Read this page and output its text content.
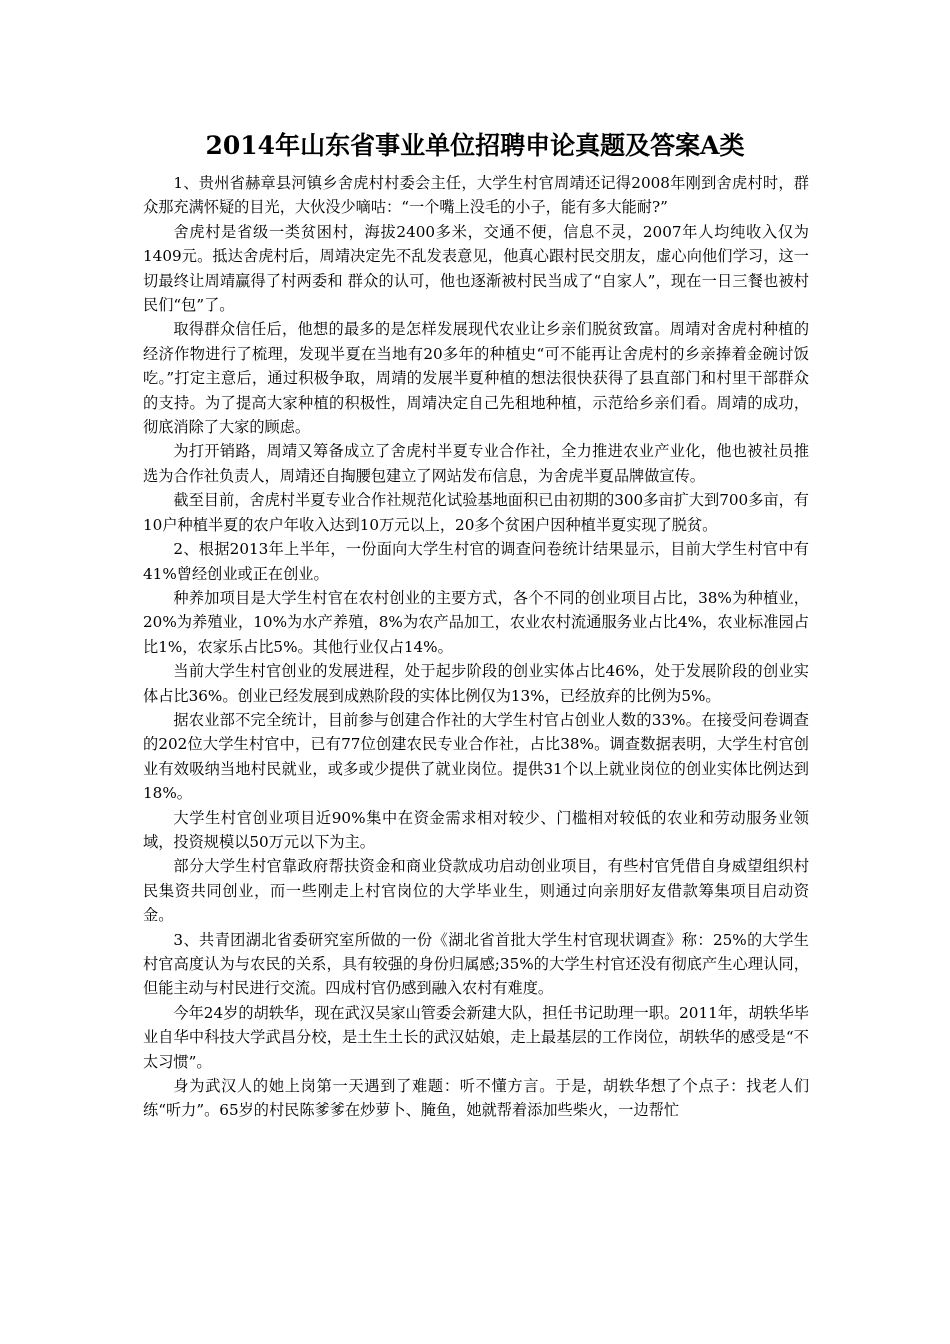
2014年山东省事业单位招聘申论真题及答案A类

1、贵州省赫章县河镇乡舍虎村村委会主任，大学生村官周靖还记得2008年刚到舍虎村时，群众那充满怀疑的目光，大伙没少嘀咕：“一个嘴上没毛的小子，能有多大能耐?”

舍虎村是省级一类贫困村，海拔2400多米，交通不便，信息不灵，2007年人均纯收入仅为1409元。抵达舍虎村后，周靖决定先不乱发表意见，他真心跟村民交朋友，虚心向他们学习，这一切最终让周靖赢得了村两委和 群众的认可，他也逐渐被村民当成了“自家人”，现在一日三餐也被村民们“包”了。

取得群众信任后，他想的最多的是怎样发展现代农业让乡亲们脱贫致富。周靖对舍虎村种植的经济作物进行了梳理，发现半夏在当地有20多年的种植史“可不能再让舍虎村的乡亲捧着金碗讨饭吃。”打定主意后，通过积极争取，周靖的发展半夏种植的想法很快获得了县直部门和村里干部群众的支持。为了提高大家种植的积极性，周靖决定自己先租地种植，示范给乡亲们看。周靖的成功，彻底消除了大家的顾虑。

为打开销路，周靖又筹备成立了舍虎村半夏专业合作社，全力推进农业产业化，他也被社员推选为合作社负责人，周靖还自掏腰包建立了网站发布信息，为舍虎半夏品牌做宣传。

截至目前，舍虎村半夏专业合作社规范化试验基地面积已由初期的300多亩扩大到700多亩，有10户种植半夏的农户年收入达到10万元以上，20多个贫困户因种植半夏实现了脱贫。

2、根据2013年上半年，一份面向大学生村官的调查问卷统计结果显示，目前大学生村官中有41%曾经创业或正在创业。

种养加项目是大学生村官在农村创业的主要方式，各个不同的创业项目占比，38%为种植业，20%为养殖业，10%为水产养殖，8%为农产品加工，农业农村流通服务业占比4%，农业标准园占比1%，农家乐占比5%。其他行业仅占14%。

当前大学生村官创业的发展进程，处于起步阶段的创业实体占比46%，处于发展阶段的创业实体占比36%。创业已经发展到成熟阶段的实体比例仅为13%，已经放弃的比例为5%。

据农业部不完全统计，目前参与创建合作社的大学生村官占创业人数的33%。在接受问卷调查的202位大学生村官中，已有77位创建农民专业合作社，占比38%。调查数据表明，大学生村官创业有效吸纳当地村民就业，或多或少提供了就业岗位。提供31个以上就业岗位的创业实体比例达到18%。

大学生村官创业项目近90%集中在资金需求相对较少、门槛相对较低的农业和劳动服务业领域，投资规模以50万元以下为主。

部分大学生村官靠政府帮扶资金和商业贷款成功启动创业项目，有些村官凭借自身威望组织村民集资共同创业，而一些刚走上村官岗位的大学毕业生，则通过向亲朋好友借款筹集项目启动资金。

3、共青团湖北省委研究室所做的一份《湖北省首批大学生村官现状调查》称：25%的大学生村官高度认为与农民的关系，具有较强的身份归属感;35%的大学生村官还没有彻底产生心理认同，但能主动与村民进行交流。四成村官仍感到融入农村有难度。

今年24岁的胡轶华，现在武汉吴家山管委会新建大队，担任书记助理一职。2011年，胡轶华毕业自华中科技大学武昌分校，是土生土长的武汉姑娘，走上最基层的工作岗位，胡轶华的感受是“不太习惯”。

身为武汉人的她上岗第一天遇到了难题：听不懂方言。于是，胡轶华想了个点子：找老人们练“听力”。65岁的村民陈爹爹在炒萝卜、腌鱼，她就帮着添加些柴火，一边帮忙
